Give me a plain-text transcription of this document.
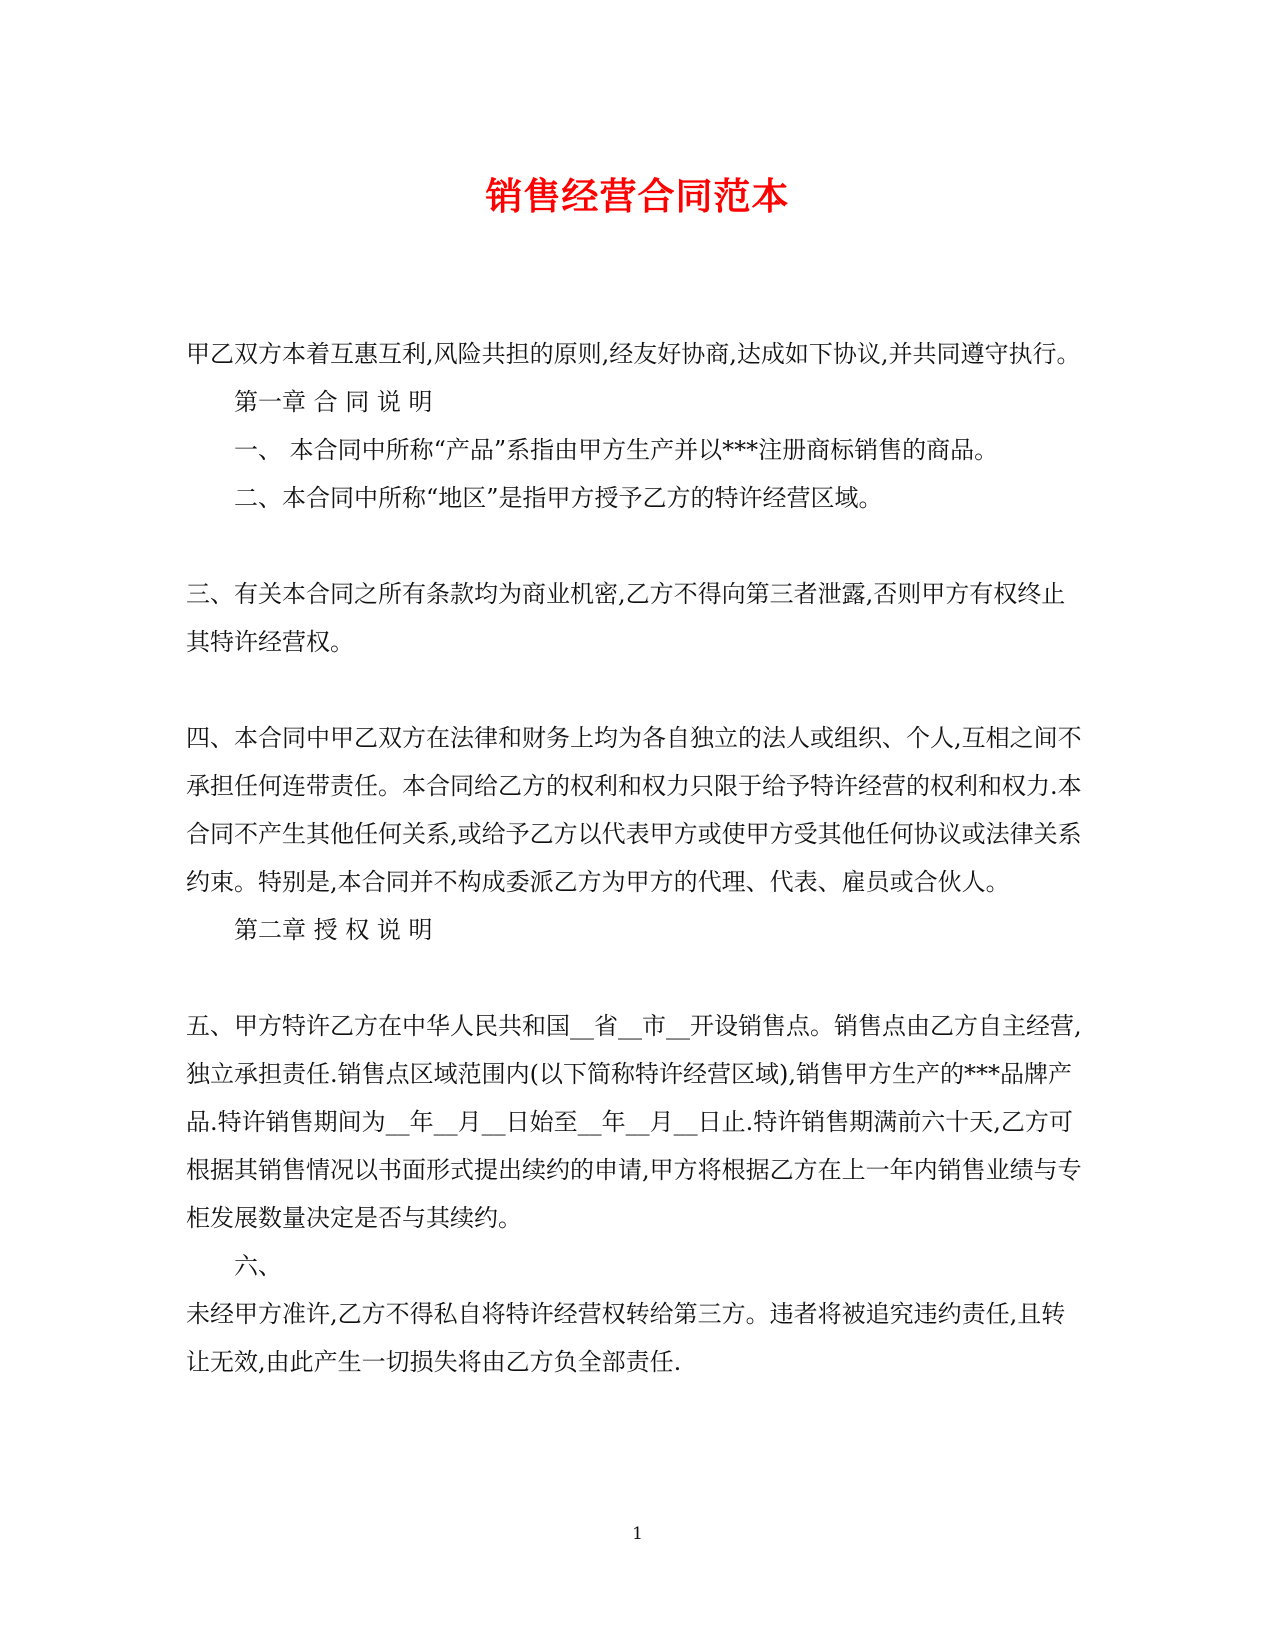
销售经营合同范本

甲乙双方本着互惠互利,风险共担的原则,经友好协商,达成如下协议,并共同遵守执行。

第一章 合 同 说 明

一、 本合同中所称“产品”系指由甲方生产并以***注册商标销售的商品。

二、本合同中所称“地区”是指甲方授予乙方的特许经营区域。

三、有关本合同之所有条款均为商业机密,乙方不得向第三者泄露,否则甲方有权终止其特许经营权。

四、本合同中甲乙双方在法律和财务上均为各自独立的法人或组织、个人,互相之间不承担任何连带责任。本合同给乙方的权利和权力只限于给予特许经营的权利和权力.本合同不产生其他任何关系,或给予乙方以代表甲方或使甲方受其他任何协议或法律关系约束。特别是,本合同并不构成委派乙方为甲方的代理、代表、雇员或合伙人。

第二章 授 权 说 明

五、甲方特许乙方在中华人民共和国__省__市__开设销售点。销售点由乙方自主经营,独立承担责任.销售点区域范围内(以下简称特许经营区域),销售甲方生产的***品牌产品.特许销售期间为__年__月__日始至__年__月__日止.特许销售期满前六十天,乙方可根据其销售情况以书面形式提出续约的申请,甲方将根据乙方在上一年内销售业绩与专柜发展数量决定是否与其续约。

六、

未经甲方准许,乙方不得私自将特许经营权转给第三方。违者将被追究违约责任,且转让无效,由此产生一切损失将由乙方负全部责任.

1
